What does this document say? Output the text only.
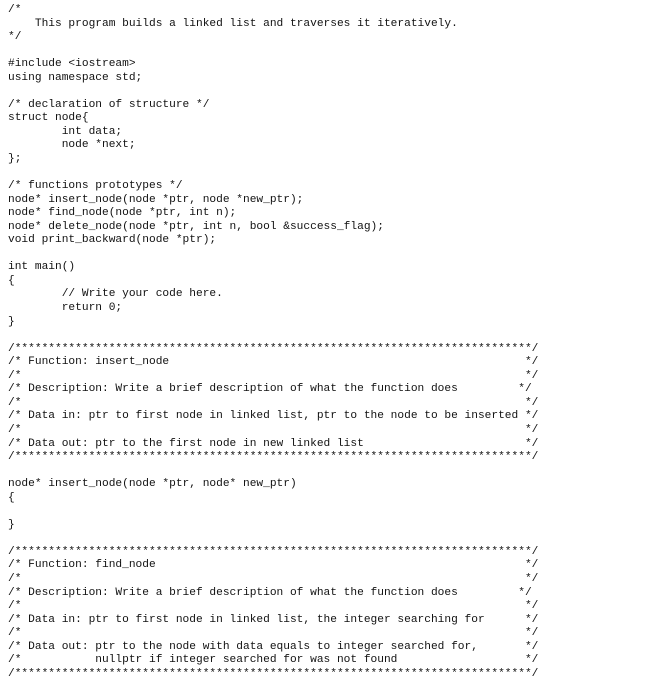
/*
This program builds a linked list and traverses it iteratively.
*/
#include <iostream>
using namespace std;
/* declaration of structure */
struct node{
int data;
node *next;
};
/* functions prototypes */
node* insert_node(node *ptr, node *new_ptr);
node* find_node(node *ptr, int n);
node* delete_node(node *ptr, int n, bool &success_flag);
void print_backward(node *ptr);
int main()
{
// Write your code here.
return 0;
}
/*****************************************************************************/
/* Function: insert_node                                                     */
/*                                                                           */
/* Description: Write a brief description of what the function does         */
/*                                                                           */
/* Data in: ptr to first node in linked list, ptr to the node to be inserted */
/*                                                                           */
/* Data out: ptr to the first node in new linked list                        */
/*****************************************************************************/
node* insert_node(node *ptr, node* new_ptr)
{
}
/*****************************************************************************/
/* Function: find_node                                                       */
/*                                                                           */
/* Description: Write a brief description of what the function does         */
/*                                                                           */
/* Data in: ptr to first node in linked list, the integer searching for      */
/*                                                                           */
/* Data out: ptr to the node with data equals to integer searched for,       */
/*           nullptr if integer searched for was not found                   */
/*****************************************************************************/
